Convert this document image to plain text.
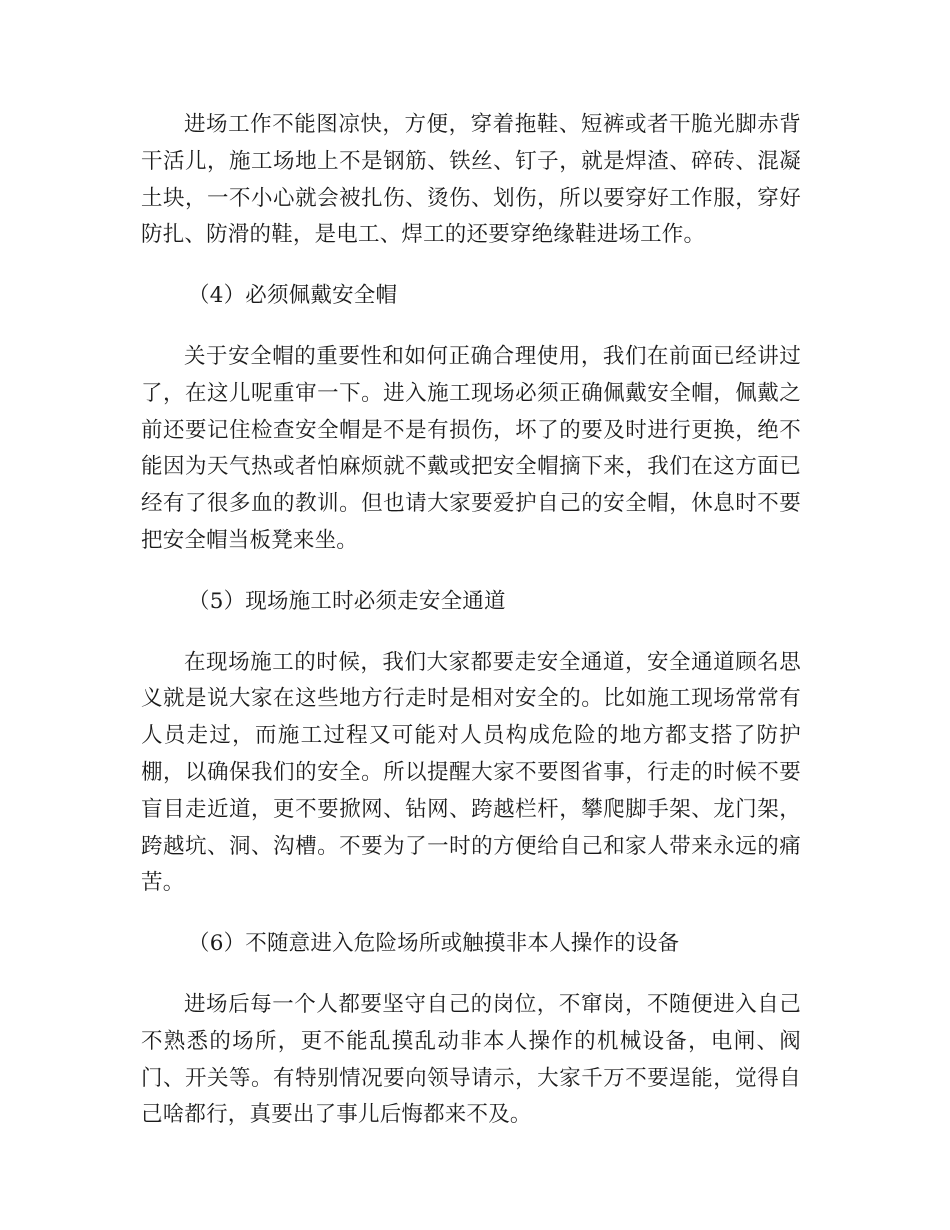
进场工作不能图凉快，方便，穿着拖鞋、短裤或者干脆光脚赤背干活儿，施工场地上不是钢筋、铁丝、钉子，就是焊渣、碎砖、混凝土块，一不小心就会被扎伤、烫伤、划伤，所以要穿好工作服，穿好防扎、防滑的鞋，是电工、焊工的还要穿绝缘鞋进场工作。

（4）必须佩戴安全帽

关于安全帽的重要性和如何正确合理使用，我们在前面已经讲过了，在这儿呢重审一下。进入施工现场必须正确佩戴安全帽，佩戴之前还要记住检查安全帽是不是有损伤，坏了的要及时进行更换，绝不能因为天气热或者怕麻烦就不戴或把安全帽摘下来，我们在这方面已经有了很多血的教训。但也请大家要爱护自己的安全帽，休息时不要把安全帽当板凳来坐。

（5）现场施工时必须走安全通道

在现场施工的时候，我们大家都要走安全通道，安全通道顾名思义就是说大家在这些地方行走时是相对安全的。比如施工现场常常有人员走过，而施工过程又可能对人员构成危险的地方都支搭了防护棚，以确保我们的安全。所以提醒大家不要图省事，行走的时候不要盲目走近道，更不要掀网、钻网、跨越栏杆，攀爬脚手架、龙门架，跨越坑、洞、沟槽。不要为了一时的方便给自己和家人带来永远的痛苦。

（6）不随意进入危险场所或触摸非本人操作的设备

进场后每一个人都要坚守自己的岗位，不窜岗，不随便进入自己不熟悉的场所，更不能乱摸乱动非本人操作的机械设备，电闸、阀门、开关等。有特别情况要向领导请示，大家千万不要逞能，觉得自己啥都行，真要出了事儿后悔都来不及。
